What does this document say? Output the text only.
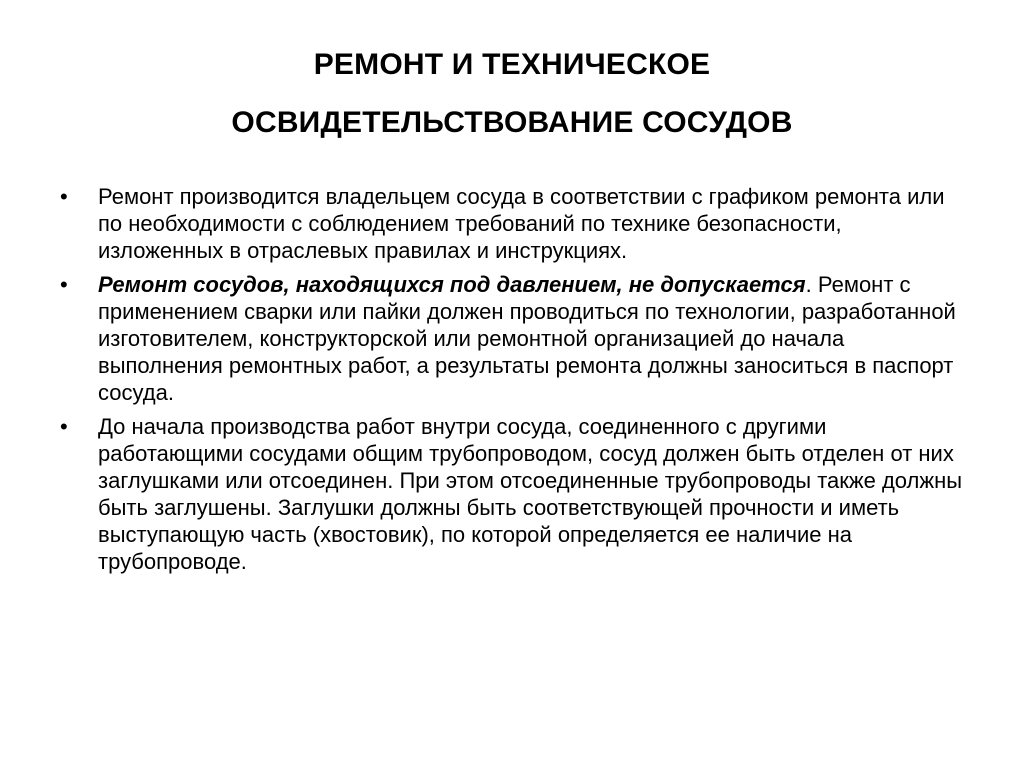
РЕМОНТ И ТЕХНИЧЕСКОЕ
ОСВИДЕТЕЛЬСТВОВАНИЕ СОСУДОВ
•	Ремонт производится владельцем сосуда в соответствии с графиком ремонта или по необходимости с соблюдением требований по технике безопасности, изложенных в отраслевых правилах и инструкциях.
•	Ремонт сосудов, находящихся под давлением, не допускается. Ремонт с применением сварки или пайки должен проводиться по технологии, разработанной изготовителем, конструкторской или ремонтной организацией до начала выполнения ремонтных работ, а результаты ремонта должны заноситься в паспорт сосуда.
•	До начала производства работ внутри сосуда, соединенного с другими работающими сосудами общим трубопроводом, сосуд должен быть отделен от них заглушками или отсоединен. При этом отсоединенные трубопроводы также должны быть заглушены. Заглушки должны быть соответствующей прочности и иметь выступающую часть (хвостовик), по которой определяется ее наличие на трубопроводе.
